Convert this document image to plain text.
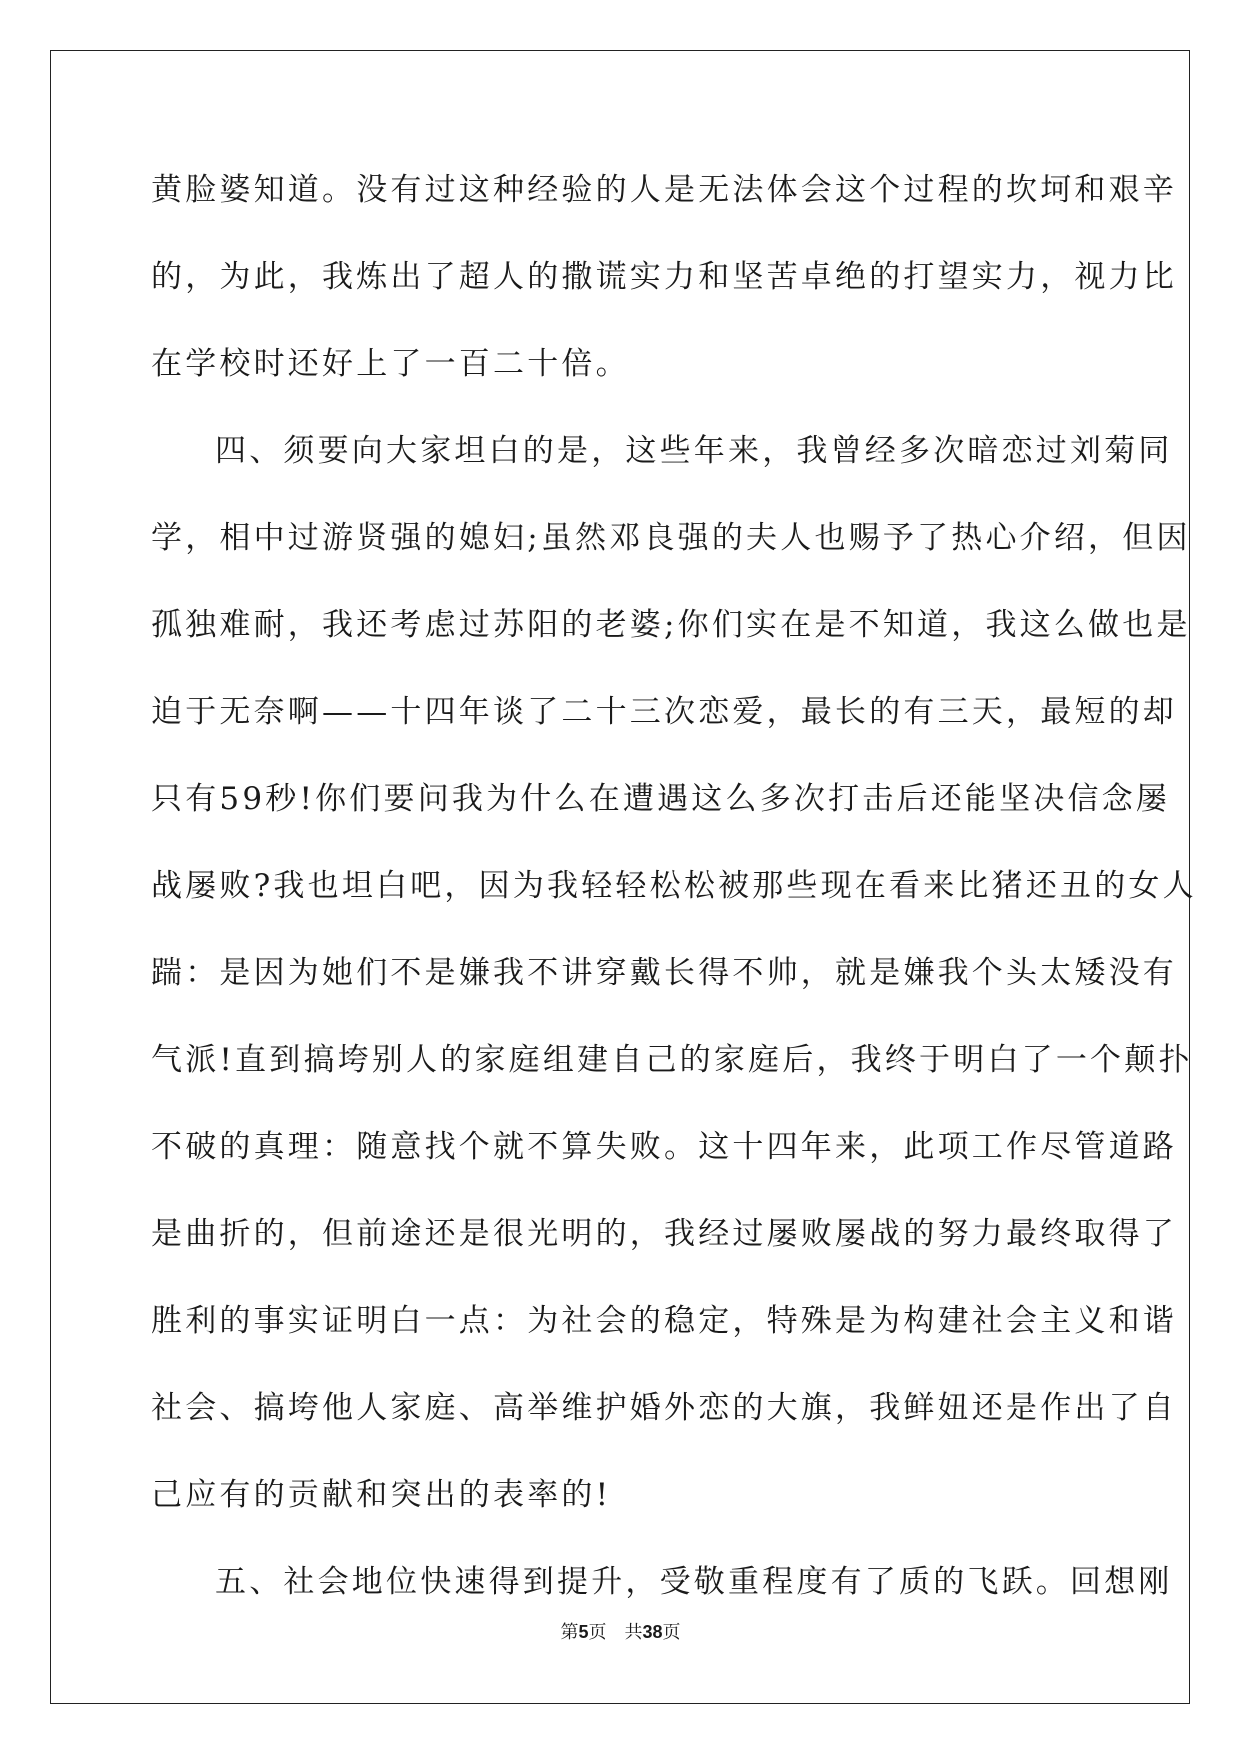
黄脸婆知道。没有过这种经验的人是无法体会这个过程的坎坷和艰辛
的，为此，我炼出了超人的撒谎实力和坚苦卓绝的打望实力，视力比
在学校时还好上了一百二十倍。
四、须要向大家坦白的是，这些年来，我曾经多次暗恋过刘菊同
学，相中过游贤强的媳妇;虽然邓良强的夫人也赐予了热心介绍，但因
孤独难耐，我还考虑过苏阳的老婆;你们实在是不知道，我这么做也是
迫于无奈啊——十四年谈了二十三次恋爱，最长的有三天，最短的却
只有59秒!你们要问我为什么在遭遇这么多次打击后还能坚决信念屡
战屡败?我也坦白吧，因为我轻轻松松被那些现在看来比猪还丑的女人
踹：是因为她们不是嫌我不讲穿戴长得不帅，就是嫌我个头太矮没有
气派!直到搞垮别人的家庭组建自己的家庭后，我终于明白了一个颠扑
不破的真理：随意找个就不算失败。这十四年来，此项工作尽管道路
是曲折的，但前途还是很光明的，我经过屡败屡战的努力最终取得了
胜利的事实证明白一点：为社会的稳定，特殊是为构建社会主义和谐
社会、搞垮他人家庭、高举维护婚外恋的大旗，我鲜妞还是作出了自
己应有的贡献和突出的表率的!
五、社会地位快速得到提升，受敬重程度有了质的飞跃。回想刚
第5页　共38页
